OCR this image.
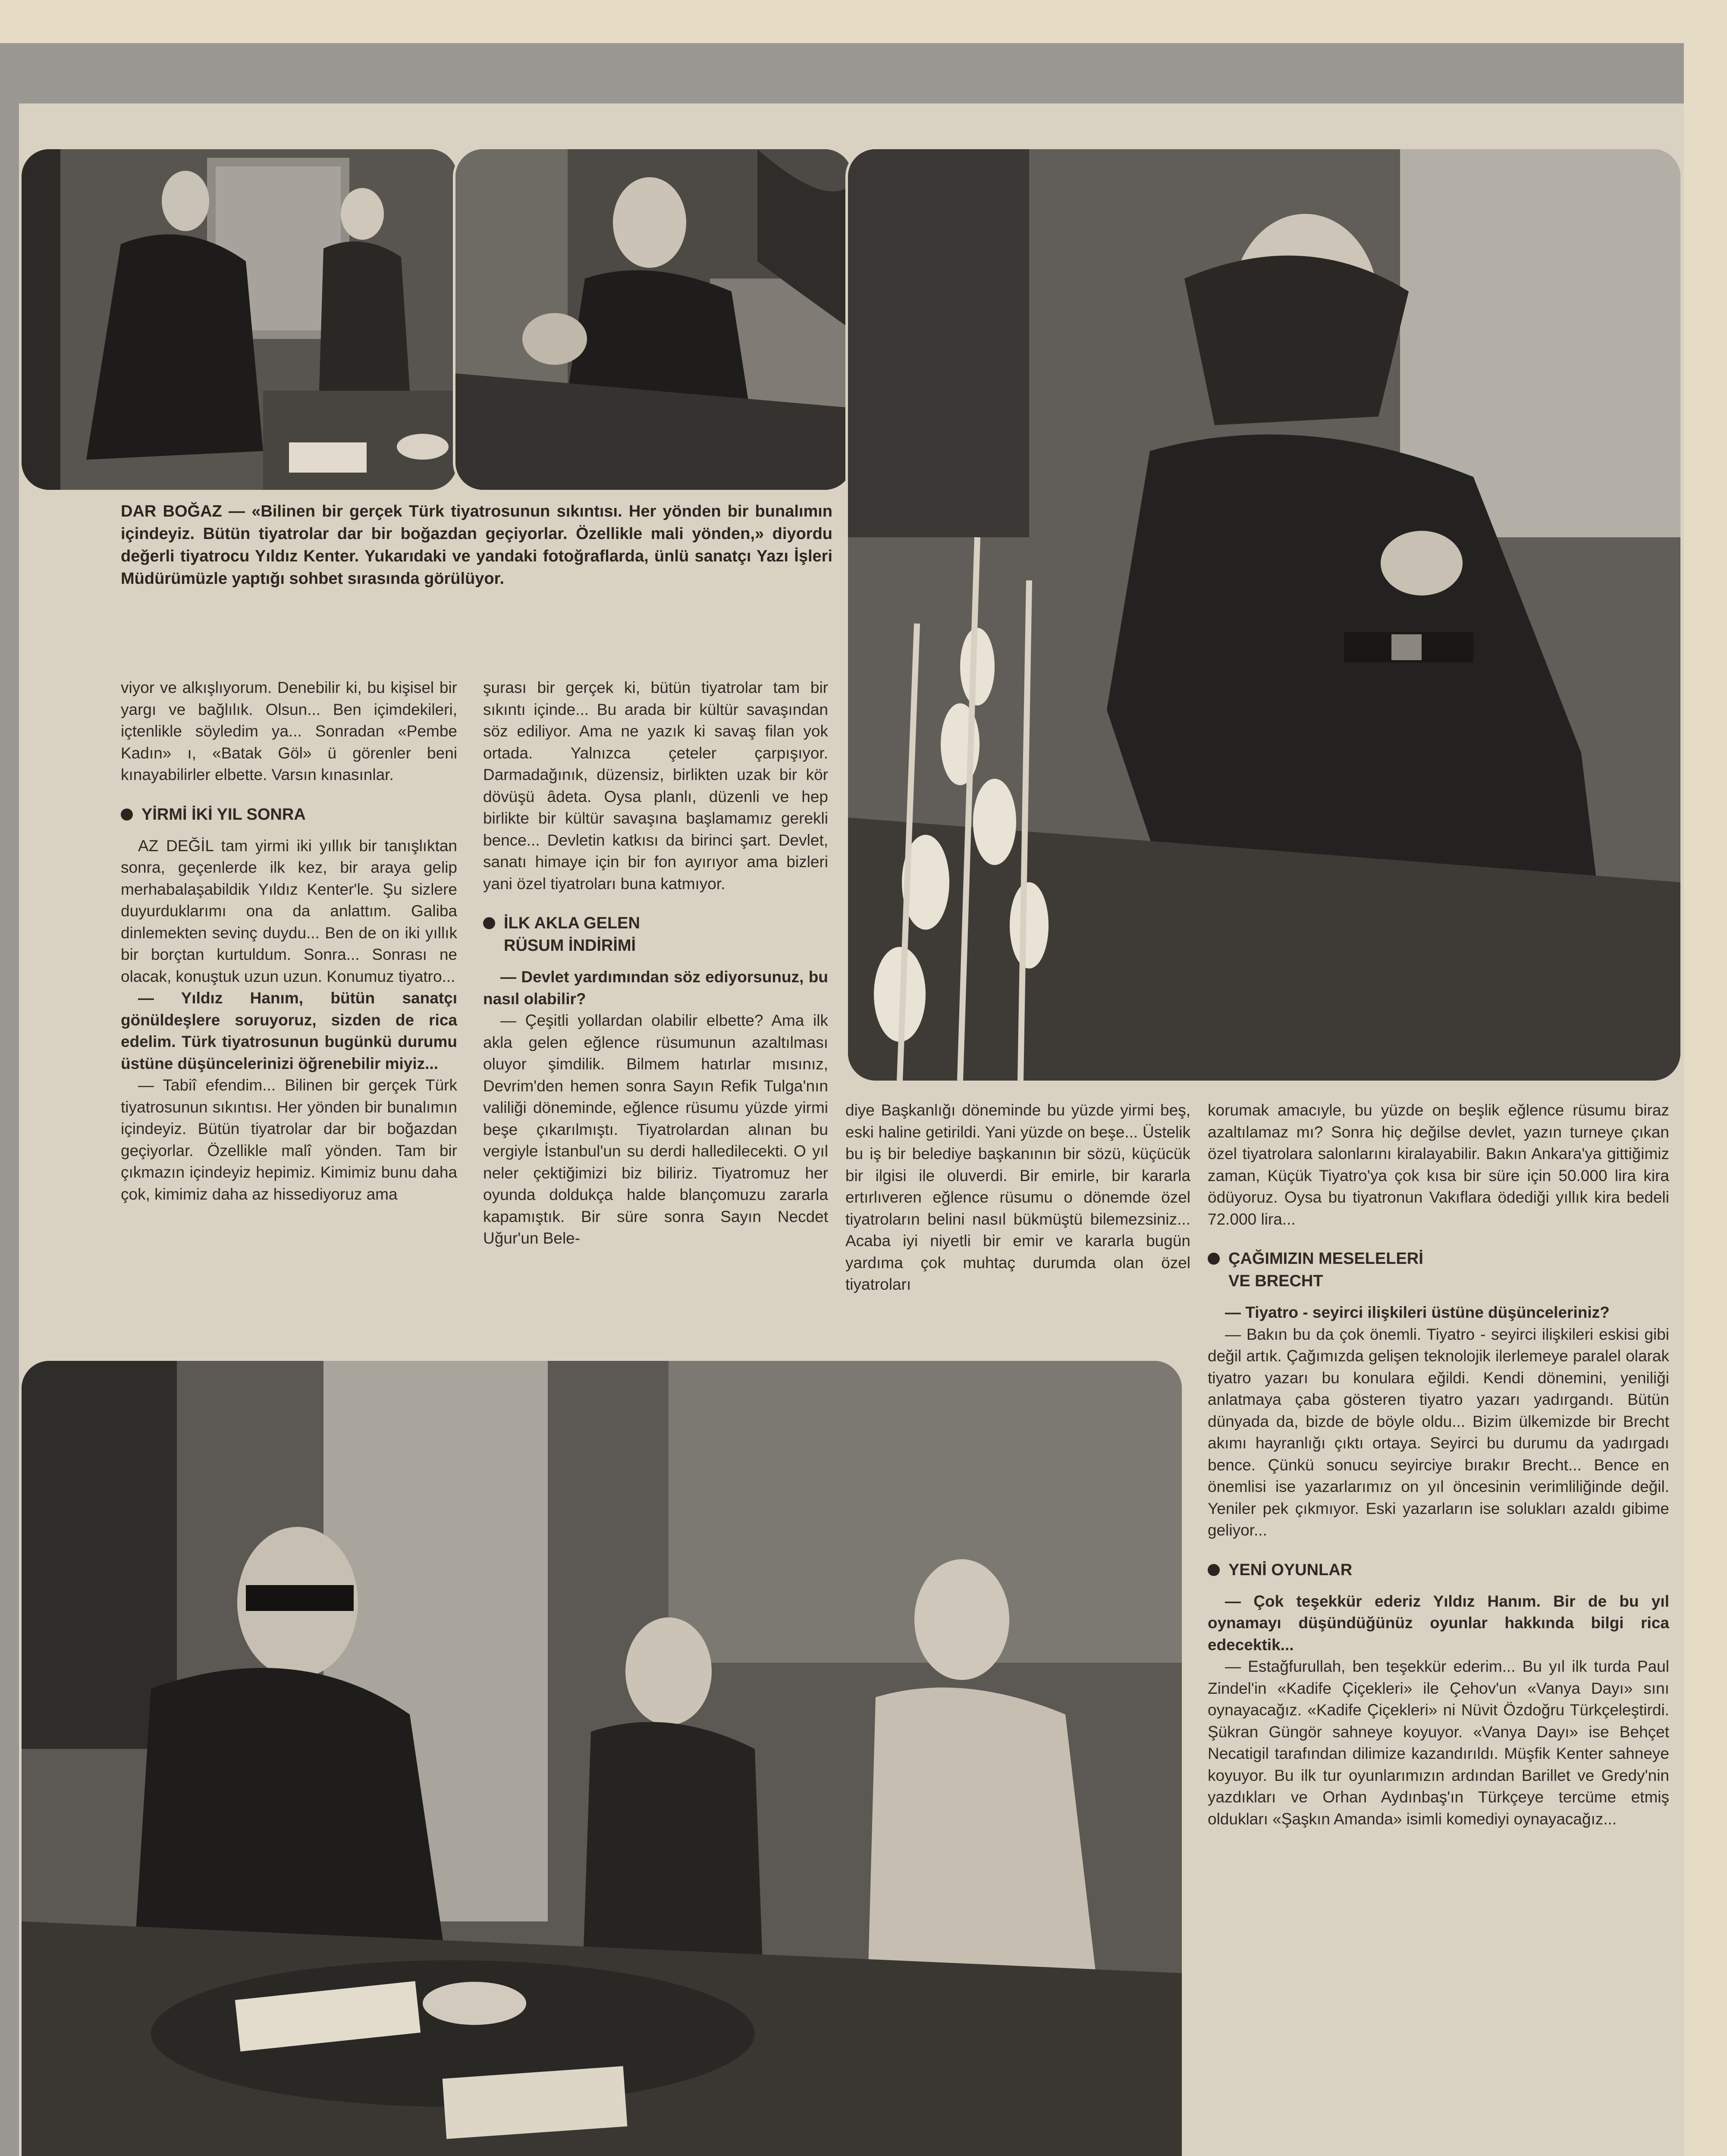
DAR BOĞAZ — «Bilinen bir gerçek Türk tiyatrosunun sıkıntısı. Her yönden bir bunalımın içindeyiz. Bütün tiyatrolar dar bir boğazdan geçiyorlar. Özellikle mali yönden,» diyordu değerli tiyatrocu Yıldız Kenter. Yukarıdaki ve yandaki fotoğraflarda, ünlü sanatçı Yazı İşleri Müdürümüzle yaptığı sohbet sırasında görülüyor.

viyor ve alkışlıyorum. Denebilir ki, bu kişisel bir yargı ve bağlılık. Olsun... Ben içimdekileri, içtenlikle söyledim ya... Sonradan «Pembe Kadın» ı, «Batak Göl» ü görenler beni kınayabilirler elbette. Varsın kınasınlar.

YİRMİ İKİ YIL SONRA

AZ DEĞİL tam yirmi iki yıllık bir tanışlıktan sonra, geçenlerde ilk kez, bir araya gelip merhabalaşabildik Yıldız Kenter'le. Şu sizlere duyurduklarımı ona da anlattım. Galiba dinlemekten sevinç duydu... Ben de on iki yıllık bir borçtan kurtuldum. Sonra... Sonrası ne olacak, konuştuk uzun uzun. Konumuz tiyatro...

— Yıldız Hanım, bütün sanatçı gönüldeşlere soruyoruz, sizden de rica edelim. Türk tiyatrosunun bugünkü durumu üstüne düşüncelerinizi öğrenebilir miyiz...

— Tabiî efendim... Bilinen bir gerçek Türk tiyatrosunun sıkıntısı. Her yönden bir bunalımın içindeyiz. Bütün tiyatrolar dar bir boğazdan geçiyorlar. Özellikle malî yönden. Tam bir çıkmazın içindeyiz hepimiz. Kimimiz bunu daha çok, kimimiz daha az hissediyoruz ama

şurası bir gerçek ki, bütün tiyatrolar tam bir sıkıntı içinde... Bu arada bir kültür savaşından söz ediliyor. Ama ne yazık ki savaş filan yok ortada. Yalnızca çeteler çarpışıyor. Darmadağınık, düzensiz, birlikten uzak bir kör dövüşü âdeta. Oysa planlı, düzenli ve hep birlikte bir kültür savaşına başlamamız gerekli bence... Devletin katkısı da birinci şart. Devlet, sanatı himaye için bir fon ayırıyor ama bizleri yani özel tiyatroları buna katmıyor.

İLK AKLA GELEN
RÜSUM İNDİRİMİ

— Devlet yardımından söz ediyorsunuz, bu nasıl olabilir?

— Çeşitli yollardan olabilir elbette? Ama ilk akla gelen eğlence rüsumunun azaltılması oluyor şimdilik. Bilmem hatırlar mısınız, Devrim'den hemen sonra Sayın Refik Tulga'nın valiliği döneminde, eğlence rüsumu yüzde yirmi beşe çıkarılmıştı. Tiyatrolardan alınan bu vergiyle İstanbul'un su derdi halledilecekti. O yıl neler çektiğimizi biz biliriz. Tiyatromuz her oyunda doldukça halde blançomuzu zararla kapamıştık. Bir süre sonra Sayın Necdet Uğur'un Bele-

diye Başkanlığı döneminde bu yüzde yirmi beş, eski haline getirildi. Yani yüzde on beşe... Üstelik bu iş bir belediye başkanının bir sözü, küçücük bir ilgisi ile oluverdi. Bir emirle, bir kararla ertırlıveren eğlence rüsumu o dönemde özel tiyatroların belini nasıl bükmüştü bilemezsiniz... Acaba iyi niyetli bir emir ve kararla bugün yardıma çok muhtaç durumda olan özel tiyatroları

korumak amacıyle, bu yüzde on beşlik eğlence rüsumu biraz azaltılamaz mı? Sonra hiç değilse devlet, yazın turneye çıkan özel tiyatrolara salonlarını kiralayabilir. Bakın Ankara'ya gittiğimiz zaman, Küçük Tiyatro'ya çok kısa bir süre için 50.000 lira kira ödüyoruz. Oysa bu tiyatronun Vakıflara ödediği yıllık kira bedeli 72.000 lira...

ÇAĞIMIZIN MESELELERİ
VE BRECHT

— Tiyatro - seyirci ilişkileri üstüne düşünceleriniz?

— Bakın bu da çok önemli. Tiyatro - seyirci ilişkileri eskisi gibi değil artık. Çağımızda gelişen teknolojik ilerlemeye paralel olarak tiyatro yazarı bu konulara eğildi. Kendi dönemini, yeniliği anlatmaya çaba gösteren tiyatro yazarı yadırgandı. Bütün dünyada da, bizde de böyle oldu... Bizim ülkemizde bir Brecht akımı hayranlığı çıktı ortaya. Seyirci bu durumu da yadırgadı bence. Çünkü sonucu seyirciye bırakır Brecht... Bence en önemlisi ise yazarlarımız on yıl öncesinin verimliliğinde değil. Yeniler pek çıkmıyor. Eski yazarların ise solukları azaldı gibime geliyor...

YENİ OYUNLAR

— Çok teşekkür ederiz Yıldız Hanım. Bir de bu yıl oynamayı düşündüğünüz oyunlar hakkında bilgi rica edecektik...

— Estağfurullah, ben teşekkür ederim... Bu yıl ilk turda Paul Zindel'in «Kadife Çiçekleri» ile Çehov'un «Vanya Dayı» sını oynayacağız. «Kadife Çiçekleri» ni Nüvit Özdoğru Türkçeleştirdi. Şükran Güngör sahneye koyuyor. «Vanya Dayı» ise Behçet Necatigil tarafından dilimize kazandırıldı. Müşfik Kenter sahneye koyuyor. Bu ilk tur oyunlarımızın ardından Barillet ve Gredy'nin yazdıkları ve Orhan Aydınbaş'ın Türkçeye tercüme etmiş oldukları «Şaşkın Amanda» isimli komediyi oynayacağız...
